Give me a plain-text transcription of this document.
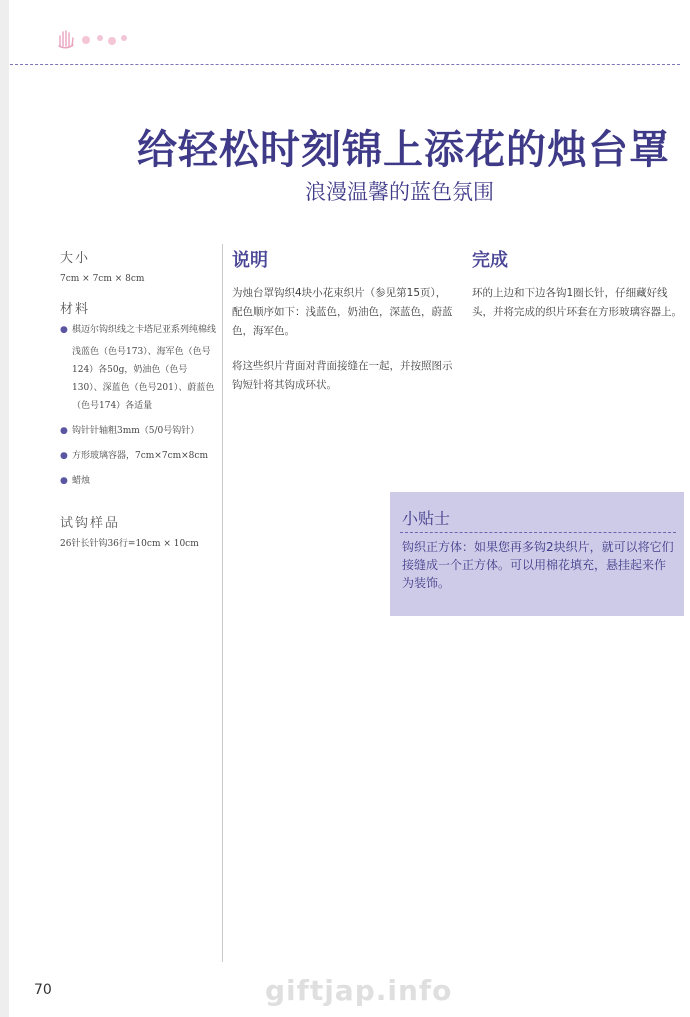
给轻松时刻锦上添花的烛台罩
浪漫温馨的蓝色氛围
大小
7cm × 7cm × 8cm
材料
● 棋迈尔钩织线之卡塔尼亚系列纯棉线
浅蓝色（色号173）、海军色（色号124）各50g，奶油色（色号130）、深蓝色（色号201）、蔚蓝色（色号174）各适量
● 钩针针轴粗3mm（5/0号钩针）
● 方形玻璃容器，7cm×7cm×8cm
● 蜡烛
试钩样品
26针长针钩36行=10cm × 10cm
说明

为烛台罩钩织4块小花束织片（参见第15页），配色顺序如下：浅蓝色，奶油色，深蓝色，蔚蓝色，海军色。

将这些织片背面对背面接缝在一起，并按照图示钩短针将其钩成环状。

完成

环的上边和下边各钩1圈长针，仔细藏好线头，并将完成的织片环套在方形玻璃容器上。

小贴士
钩织正方体：如果您再多钩2块织片，就可以将它们接缝成一个正方体。可以用棉花填充，悬挂起来作为装饰。
70	giftjap.info
